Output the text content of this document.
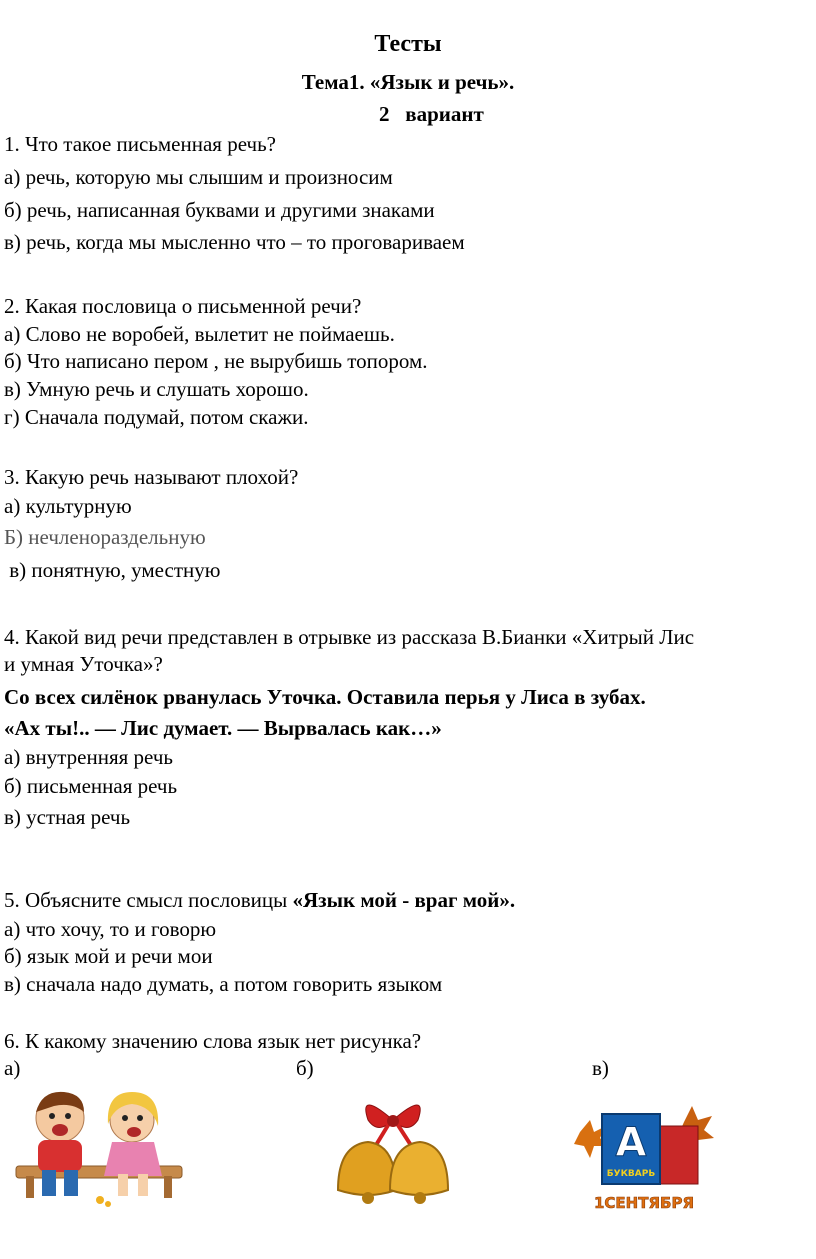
Тесты
Тема1. «Язык и речь».
2   вариант
1. Что такое письменная речь?
а) речь, которую мы слышим и произносим
б) речь, написанная буквами и другими знаками
в) речь, когда мы мысленно что – то проговариваем
2. Какая пословица о письменной речи?
а) Слово не воробей, вылетит не поймаешь.
б) Что написано пером , не вырубишь топором.
в) Умную речь и слушать хорошо.
г) Сначала подумай, потом скажи.
3. Какую речь называют плохой?
а) культурную
Б) нечленораздельную
в) понятную, уместную
4. Какой вид речи представлен в отрывке из рассказа В.Бианки «Хитрый Лис
и умная Уточка»?
Со всех силёнок рванулась Уточка. Оставила перья у Лиса в зубах.
«Ах ты!.. — Лис думает. — Вырвалась как…»
а) внутренняя речь
б) письменная речь
в) устная речь
5. Объясните смысл пословицы «Язык мой - враг мой».
а) что хочу, то и говорю
б) язык мой и речи мои
в) сначала надо думать, а потом говорить языком
6. К какому значению слова язык нет рисунка?
а)	б)	в)
А
БУКВАРЬ
1СЕНТЯБРЯ
